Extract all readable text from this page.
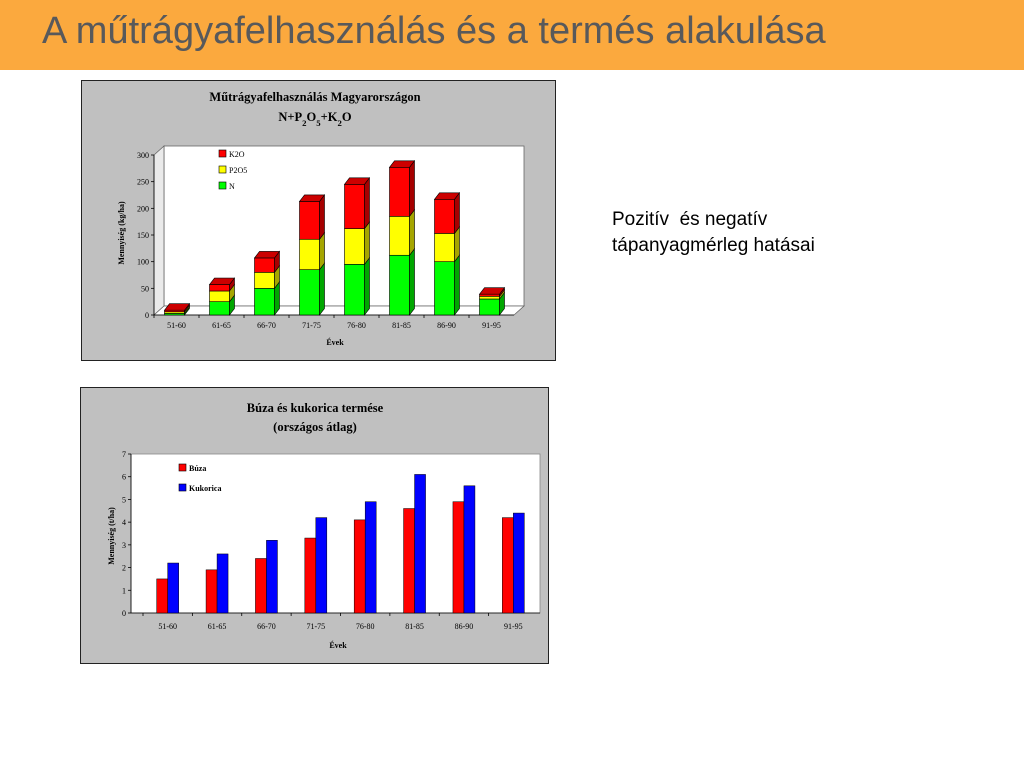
A műtrágyafelhasználás és a termés alakulása
Műtrágyafelhasználás Magyarországon
$N+P_2O_5+K_2O$
0
50
100
150
200
250
300
51-60	61-65	66-70	71-75	76-80	81-85	86-90	91-95
K2O
P2O5
N
Évek
Mennyiség (kg/ha)
Búza és kukorica termése
(országos átlag)
0
1
2
3
4
5
6
7
51-60	61-65	66-70	71-75	76-80	81-85	86-90	91-95
Búza
Kukorica
Évek
Mennyiség (t/ha)
Pozitív  és negatív
tápanyagmérleg hatásai
